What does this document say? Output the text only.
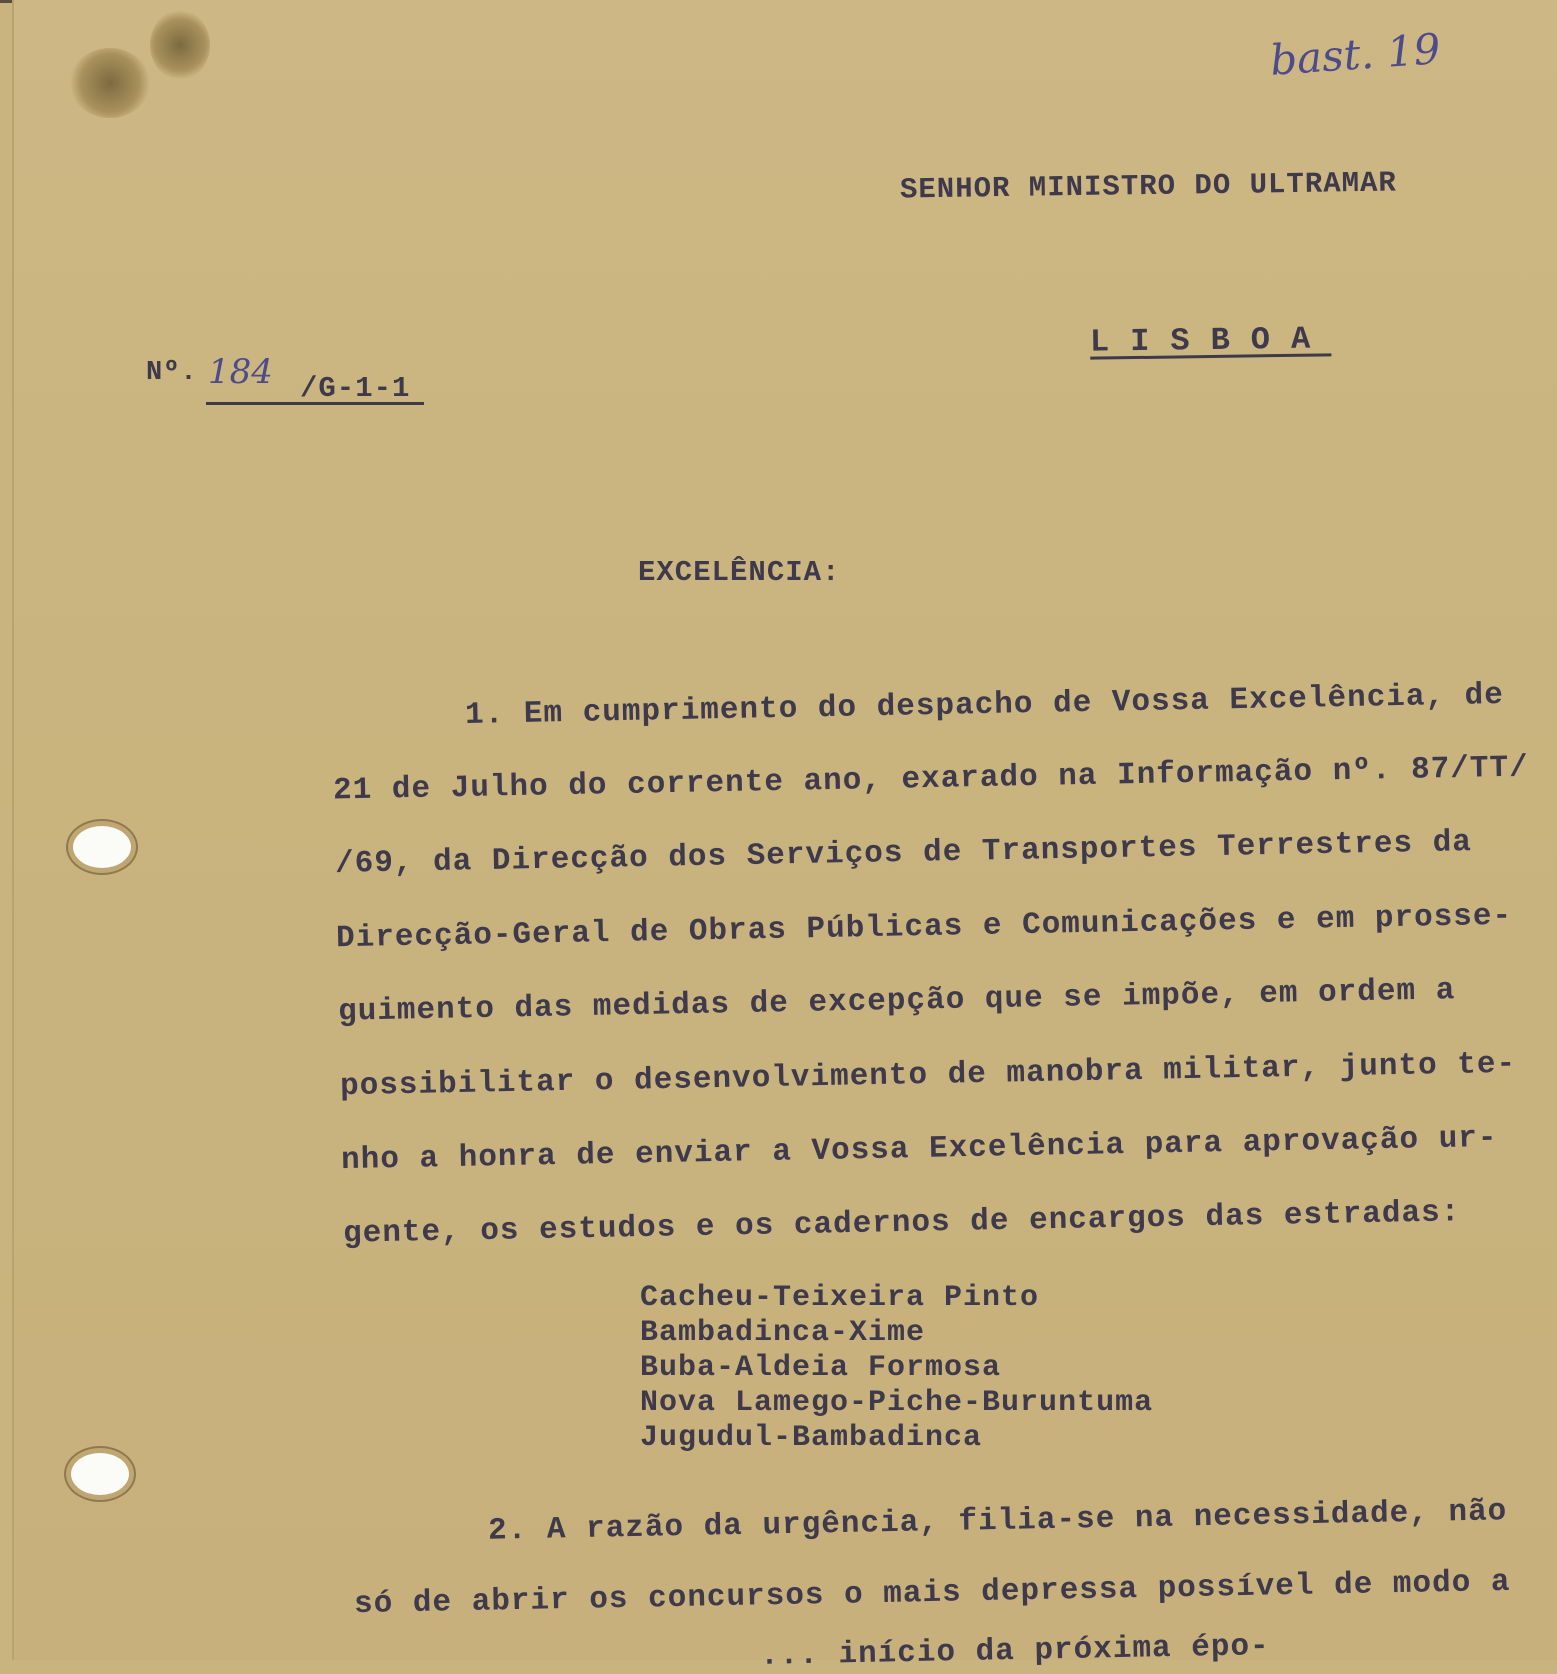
bast. 19
SENHOR MINISTRO DO ULTRAMAR
LISBOA
Nº. 184 /G-1-1
EXCELÊNCIA:
1. Em cumprimento do despacho de Vossa Excelência, de
21 de Julho do corrente ano, exarado na Informação nº. 87/TT/
/69, da Direcção dos Serviços de Transportes Terrestres da
Direcção-Geral de Obras Públicas e Comunicações e em prosse-
guimento das medidas de excepção que se impõe, em ordem a
possibilitar o desenvolvimento de manobra militar, junto te-
nho a honra de enviar a Vossa Excelência para aprovação ur-
gente, os estudos e os cadernos de encargos das estradas:
Cacheu-Teixeira Pinto
Bambadinca-Xime
Buba-Aldeia Formosa
Nova Lamego-Piche-Buruntuma
Jugudul-Bambadinca
2. A razão da urgência, filia-se na necessidade, não
só de abrir os concursos o mais depressa possível de modo a
... início da próxima épo-
